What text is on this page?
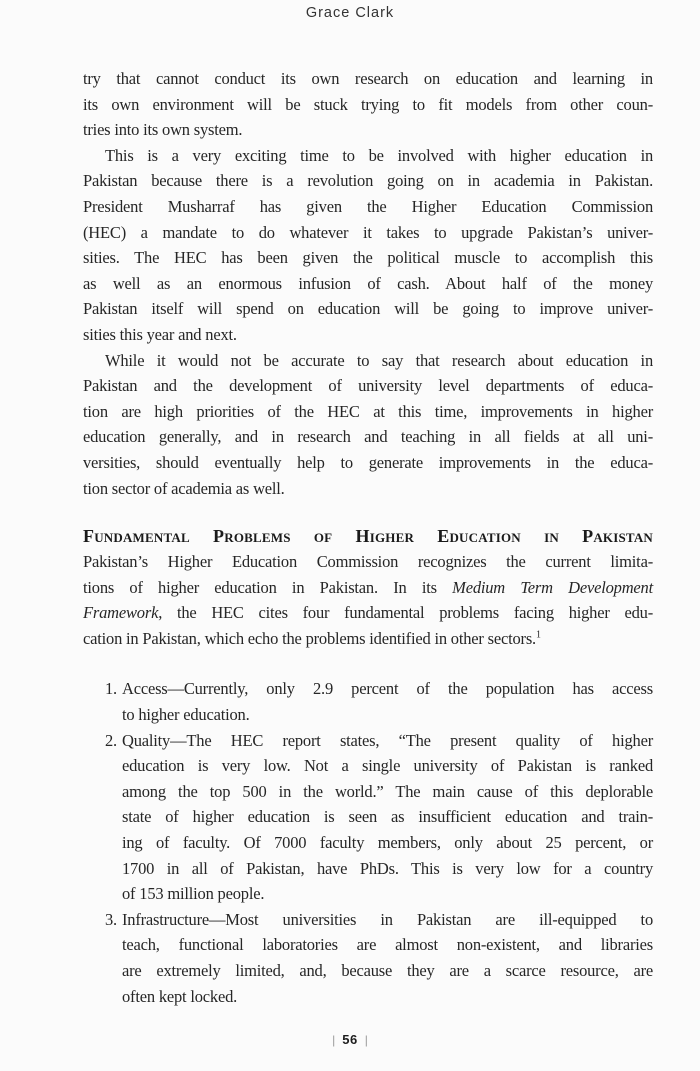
Grace Clark
try that cannot conduct its own research on education and learning in
its own environment will be stuck trying to fit models from other coun-
tries into its own system.
This is a very exciting time to be involved with higher education in
Pakistan because there is a revolution going on in academia in Pakistan.
President Musharraf has given the Higher Education Commission
(HEC) a mandate to do whatever it takes to upgrade Pakistan’s univer-
sities. The HEC has been given the political muscle to accomplish this
as well as an enormous infusion of cash. About half of the money
Pakistan itself will spend on education will be going to improve univer-
sities this year and next.
While it would not be accurate to say that research about education in
Pakistan and the development of university level departments of educa-
tion are high priorities of the HEC at this time, improvements in higher
education generally, and in research and teaching in all fields at all uni-
versities, should eventually help to generate improvements in the educa-
tion sector of academia as well.
Fundamental Problems of Higher Education in Pakistan
Pakistan’s Higher Education Commission recognizes the current limita-
tions of higher education in Pakistan. In its Medium Term Development
Framework, the HEC cites four fundamental problems facing higher edu-
cation in Pakistan, which echo the problems identified in other sectors.$^1$
1. Access—Currently, only 2.9 percent of the population has access
to higher education.
2. Quality—The HEC report states, “The present quality of higher
education is very low. Not a single university of Pakistan is ranked
among the top 500 in the world.” The main cause of this deplorable
state of higher education is seen as insufficient education and train-
ing of faculty. Of 7000 faculty members, only about 25 percent, or
1700 in all of Pakistan, have PhDs. This is very low for a country
of 153 million people.
3. Infrastructure—Most universities in Pakistan are ill-equipped to
teach, functional laboratories are almost non-existent, and libraries
are extremely limited, and, because they are a scarce resource, are
often kept locked.
| 56 |
